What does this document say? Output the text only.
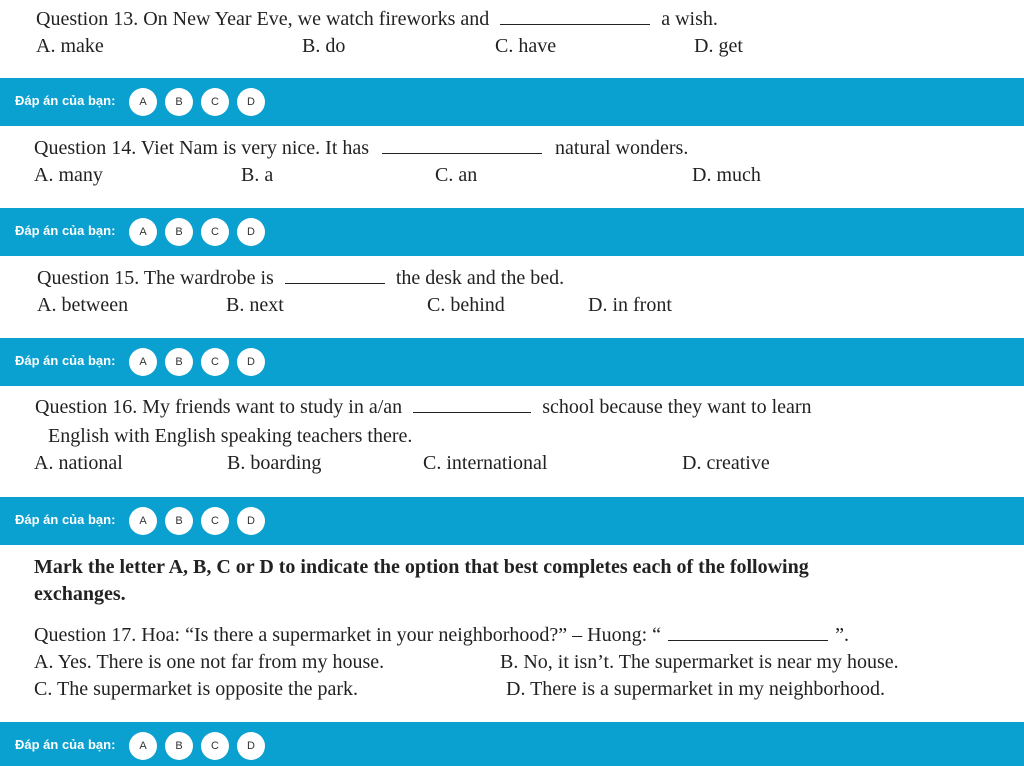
Question 13. On New Year Eve, we watch fireworks and	a wish.
A. make	B. do	C. have	D. get
Đáp án của bạn:	A	B	C	D
Question 14. Viet Nam is very nice. It has	natural wonders.
A. many	B. a	C. an	D. much
Đáp án của bạn:	A	B	C	D
Question 15. The wardrobe is	the desk and the bed.
A. between	B. next	C. behind	D. in front
Đáp án của bạn:	A	B	C	D
Question 16. My friends want to study in a/an	school because they want to learn
English with English speaking teachers there.
A. national	B. boarding	C. international	D. creative
Đáp án của bạn:	A	B	C	D
Mark the letter A, B, C or D to indicate the option that best completes each of the following
exchanges.
Question 17. Hoa: “Is there a supermarket in your neighborhood?” – Huong: “	”.
A. Yes. There is one not far from my house.	B. No, it isn’t. The supermarket is near my house.
C. The supermarket is opposite the park.	D. There is a supermarket in my neighborhood.
Đáp án của bạn:	A	B	C	D
